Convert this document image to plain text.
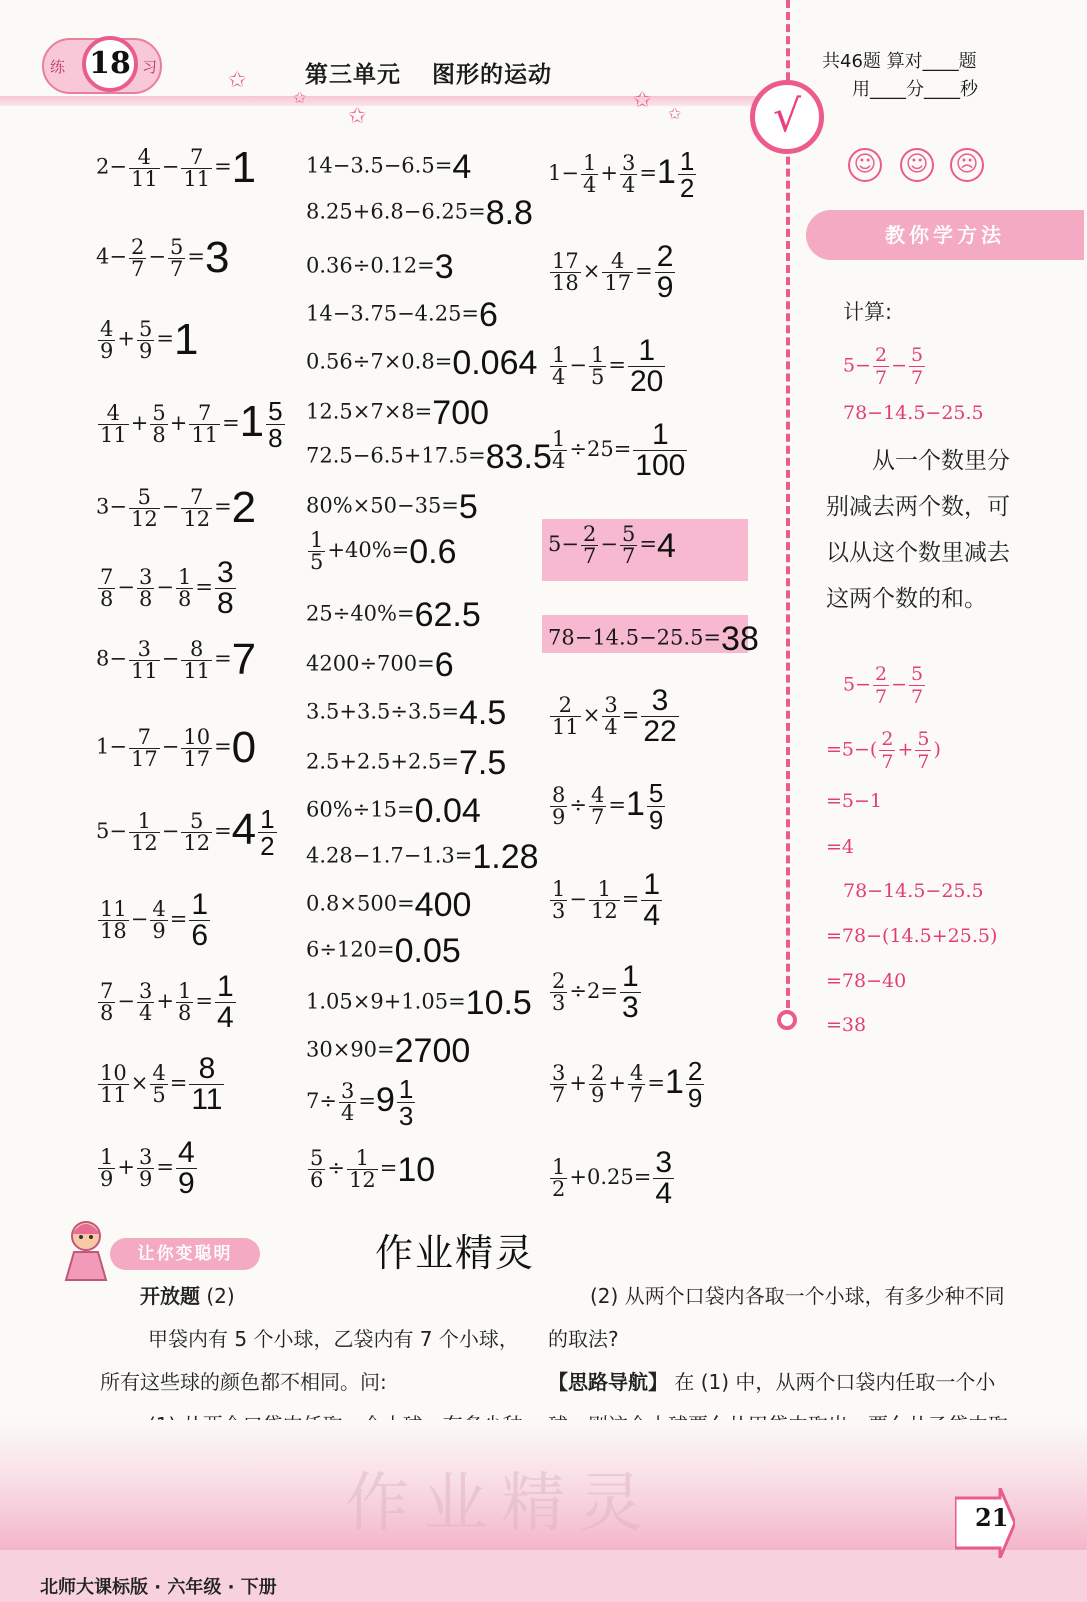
练 18 习	第三单元 图形的运动
✩
✩
✩
✩
✩	√
共46题 算对____题
用____分____秒
☺ ☺ ☹
教你学方法
计算:
$5- \frac{2}{7} - \frac{5}{7}$
78−14.5−25.5
从一个数里分别减去两个数，可以从这个数里减去这两个数的和。
$5- \frac{2}{7} - \frac{5}{7}$
$=5-( \frac{2}{7} + \frac{5}{7}$ )
=5−1
=4
78−14.5−25.5
=78−(14.5+25.5)
=78−40
=38
作业精灵
让你变聪明
开放题 (2)
甲袋内有 5 个小球，乙袋内有 7 个小球，所有这些球的颜色都不相同。问:
(2) 从两个口袋内各取一个小球，有多少种不同的取法?
【思路导航】 在 (1) 中，从两个口袋内任取一个小
作业精灵
北师大课标版 · 六年级 · 下册
21
$2- \frac{4}{11} - \frac{7}{11} =1$
$4- \frac{2}{7} - \frac{5}{7} =3$
$\frac{4}{9} + \frac{5}{9} =1$
$\frac{4}{11} + \frac{5}{8} + \frac{7}{11} =1 \frac{5}{8}$
$3- \frac{5}{12} - \frac{7}{12} =2$
$\frac{7}{8} - \frac{3}{8} - \frac{1}{8} = \frac{3}{8}$
$8- \frac{3}{11} - \frac{8}{11} =7$
$1- \frac{7}{17} - \frac{10}{17} =0$
$5- \frac{1}{12} - \frac{5}{12} =4 \frac{1}{2}$
$\frac{11}{18} - \frac{4}{9} = \frac{1}{6}$
$\frac{7}{8} - \frac{3}{4} + \frac{1}{8} = \frac{1}{4}$
$\frac{10}{11} \times \frac{4}{5} = \frac{8}{11}$
$\frac{1}{9} + \frac{3}{9} = \frac{4}{9}$
14−3.5−6.5=4
8.25+6.8−6.25=8.8
0.36÷0.12=3
14−3.75−4.25=6
0.56÷7×0.8=0.064
12.5×7×8=700
72.5−6.5+17.5=83.5
80%×50−35=5
$\frac{1}{5} +40\%=0.6$
25÷40%=62.5
4200÷700=6
3.5+3.5÷3.5=4.5
2.5+2.5+2.5=7.5
60%÷15=0.04
4.28−1.7−1.3=1.28
0.8×500=400
6÷120=0.05
1.05×9+1.05=10.5
30×90=2700
$7\div \frac{3}{4} =9 \frac{1}{3}$
$\frac{5}{6} \div \frac{1}{12} =10$
$1- \frac{1}{4} + \frac{3}{4} =1 \frac{1}{2}$
$\frac{17}{18} \times \frac{4}{17} = \frac{2}{9}$
$\frac{1}{4} - \frac{1}{5} = \frac{1}{20}$
$\frac{1}{4} \div 25= \frac{1}{100}$
$5- \frac{2}{7} - \frac{5}{7} =4$
78−14.5−25.5=38
$\frac{2}{11} \times \frac{3}{4} = \frac{3}{22}$
$\frac{8}{9} \div \frac{4}{7} =1 \frac{5}{9}$
$\frac{1}{3} - \frac{1}{12} = \frac{1}{4}$
$\frac{2}{3} \div 2= \frac{1}{3}$
$\frac{3}{7} + \frac{2}{9} + \frac{4}{7} =1 \frac{2}{9}$
$\frac{1}{2} +0.25= \frac{3}{4}$
